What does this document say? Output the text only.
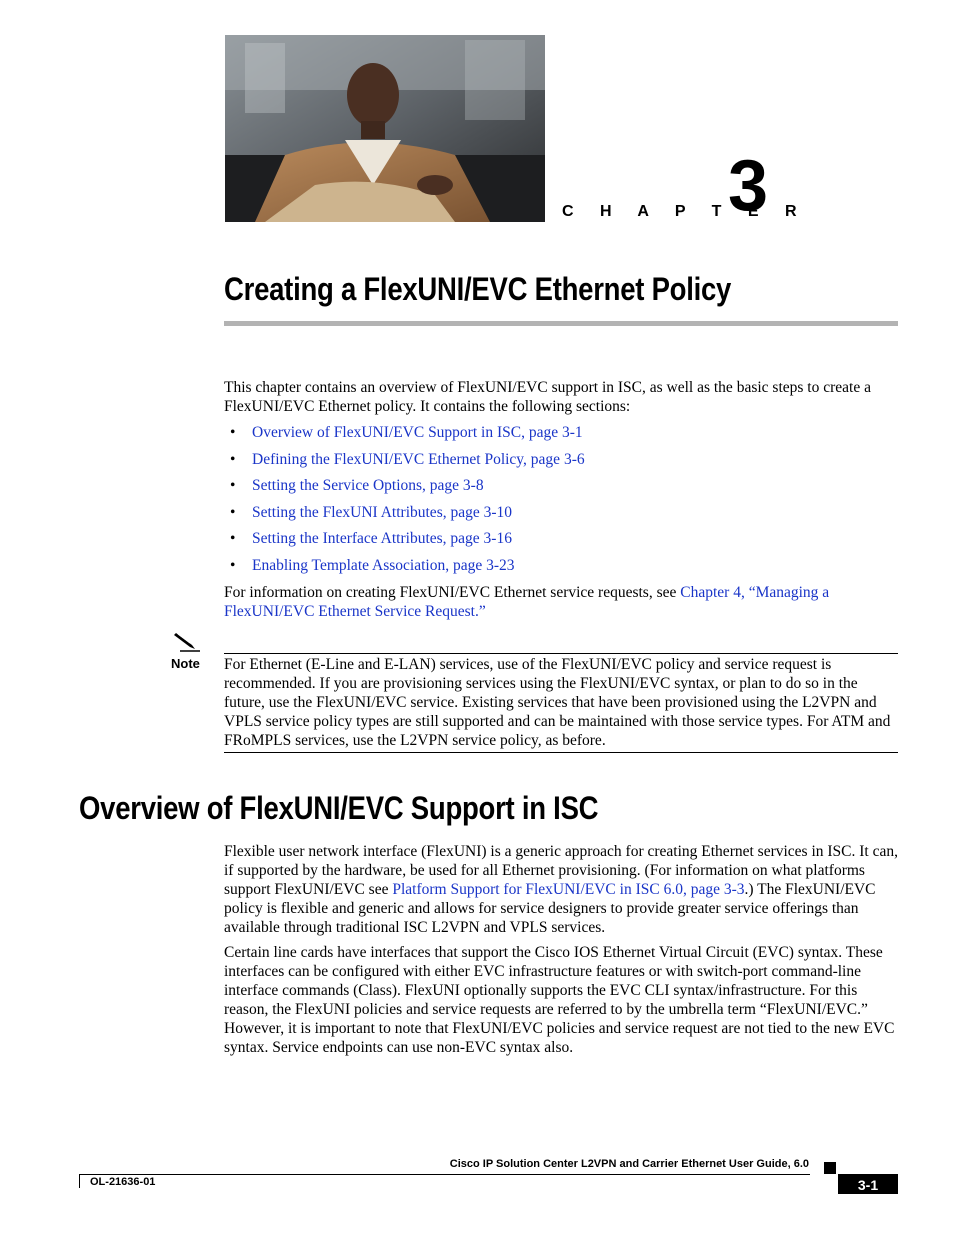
C H A P T E R
3
Creating a FlexUNI/EVC Ethernet Policy
This chapter contains an overview of FlexUNI/EVC support in ISC, as well as the basic steps to create a FlexUNI/EVC Ethernet policy. It contains the following sections:
• Overview of FlexUNI/EVC Support in ISC, page 3-1
• Defining the FlexUNI/EVC Ethernet Policy, page 3-6
• Setting the Service Options, page 3-8
• Setting the FlexUNI Attributes, page 3-10
• Setting the Interface Attributes, page 3-16
• Enabling Template Association, page 3-23
For information on creating FlexUNI/EVC Ethernet service requests, see Chapter 4, “Managing a FlexUNI/EVC Ethernet Service Request.”
Note For Ethernet (E-Line and E-LAN) services, use of the FlexUNI/EVC policy and service request is recommended. If you are provisioning services using the FlexUNI/EVC syntax, or plan to do so in the future, use the FlexUNI/EVC service. Existing services that have been provisioned using the L2VPN and VPLS service policy types are still supported and can be maintained with those service types. For ATM and FRoMPLS services, use the L2VPN service policy, as before.
Overview of FlexUNI/EVC Support in ISC
Flexible user network interface (FlexUNI) is a generic approach for creating Ethernet services in ISC. It can, if supported by the hardware, be used for all Ethernet provisioning. (For information on what platforms support FlexUNI/EVC see Platform Support for FlexUNI/EVC in ISC 6.0, page 3-3.) The FlexUNI/EVC policy is flexible and generic and allows for service designers to provide greater service offerings than available through traditional ISC L2VPN and VPLS services.
Certain line cards have interfaces that support the Cisco IOS Ethernet Virtual Circuit (EVC) syntax. These interfaces can be configured with either EVC infrastructure features or with switch-port command-line interface commands (Class). FlexUNI optionally supports the EVC CLI syntax/infrastructure. For this reason, the FlexUNI policies and service requests are referred to by the umbrella term “FlexUNI/EVC.” However, it is important to note that FlexUNI/EVC policies and service request are not tied to the new EVC syntax. Service endpoints can use non-EVC syntax also.
Cisco IP Solution Center L2VPN and Carrier Ethernet User Guide, 6.0
OL-21636-01	3-1
